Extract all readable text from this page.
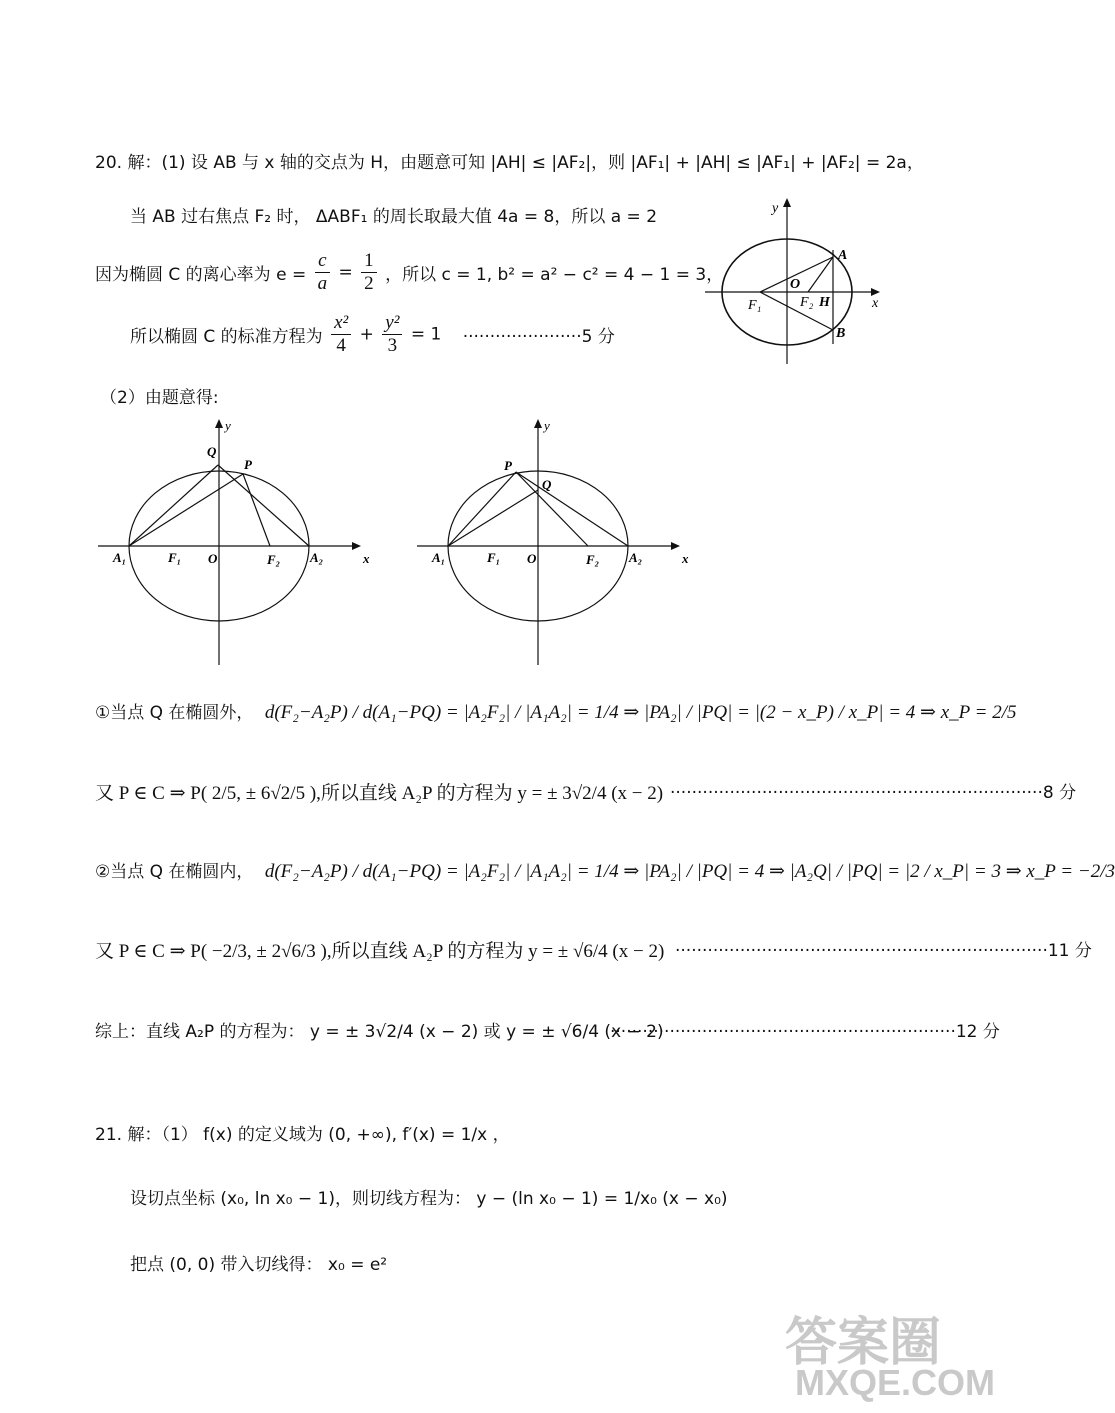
20. 解：(1) 设 AB 与 x 轴的交点为 H，由题意可知 |AH| ≤ |AF₂|，则 |AF₁| + |AH| ≤ |AF₁| + |AF₂| = 2a，
当 AB 过右焦点 F₂ 时， ΔABF₁ 的周长取最大值 4a = 8，所以 a = 2
因为椭圆 C 的离心率为 $e = \frac{c}{a} = \frac{1}{2}$ ，所以 c = 1, b² = a² − c² = 4 − 1 = 3，
所以椭圆 C 的标准方程为 $\frac{\text{x²}}{4} + \frac{\text{y²}}{3} = 1 \cdot\cdot\cdot\cdot\cdot\cdot\cdot\cdot\cdot\cdot\cdot\cdot\cdot\cdot\cdot\cdot\cdot\cdot\cdot\cdot\cdot\cdot 5$ 分
y
A
O
F₁	F₂ H	x
B
（2）由题意得:
y
Q
P
A₁	F₁ O	F₂ A₂	x
y
P
Q
A₁	F₁ O	F₂ A₂	x
①当点 Q 在椭圆外， d(F₂−A₂P) / d(A₁−PQ) = |A₂F₂| / |A₁A₂| = 1/4 ⇒ |PA₂| / |PQ| = |(2 − x_P) / x_P| = 4 ⇒ x_P = 2/5
又 P ∈ C ⇒ P( 2/5, ± 6√2/5 ),所以直线 A₂P 的方程为 y = ± 3√2/4 (x − 2) ·····································································8 分
②当点 Q 在椭圆内， d(F₂−A₂P) / d(A₁−PQ) = |A₂F₂| / |A₁A₂| = 1/4 ⇒ |PA₂| / |PQ| = 4 ⇒ |A₂Q| / |PQ| = |2 / x_P| = 3 ⇒ x_P = −2/3
又 P ∈ C ⇒ P( −2/3, ± 2√6/3 ),所以直线 A₂P 的方程为 y = ± √6/4 (x − 2) ·····································································11 分
综上：直线 A₂P 的方程为： y = ± 3√2/4 (x − 2) 或 y = ± √6/4 (x − 2)
································································12 分
21. 解：（1） f(x) 的定义域为 (0, +∞), f′(x) = 1/x ，
设切点坐标 (x₀, ln x₀ − 1)，则切线方程为： y − (ln x₀ − 1) = 1/x₀ (x − x₀)
把点 (0, 0) 带入切线得： x₀ = e²
答案圈
MXQE.COM
